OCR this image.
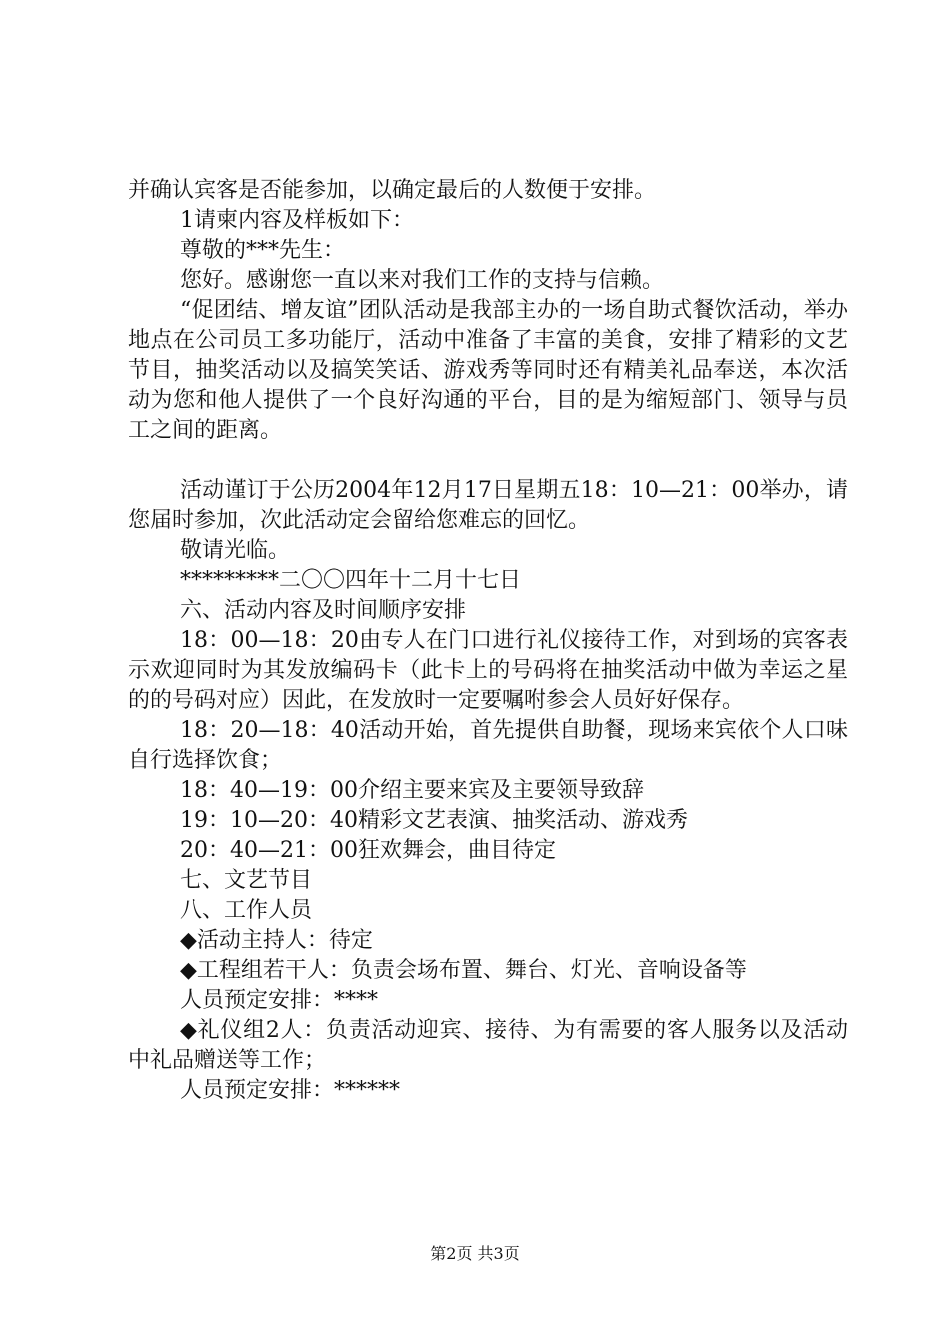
并确认宾客是否能参加，以确定最后的人数便于安排。

1请柬内容及样板如下：

尊敬的***先生：

您好。感谢您一直以来对我们工作的支持与信赖。

“促团结、增友谊”团队活动是我部主办的一场自助式餐饮活动，举办地点在公司员工多功能厅，活动中准备了丰富的美食，安排了精彩的文艺节目，抽奖活动以及搞笑笑话、游戏秀等同时还有精美礼品奉送，本次活动为您和他人提供了一个良好沟通的平台，目的是为缩短部门、领导与员工之间的距离。

活动谨订于公历2004年12月17日星期五18：10—21：00举办，请您届时参加，次此活动定会留给您难忘的回忆。

敬请光临。

*********二〇〇四年十二月十七日

六、活动内容及时间顺序安排

18：00—18：20由专人在门口进行礼仪接待工作，对到场的宾客表示欢迎同时为其发放编码卡（此卡上的号码将在抽奖活动中做为幸运之星的的号码对应）因此，在发放时一定要嘱咐参会人员好好保存。

18：20—18：40活动开始，首先提供自助餐，现场来宾依个人口味自行选择饮食；

18：40—19：00介绍主要来宾及主要领导致辞

19：10—20：40精彩文艺表演、抽奖活动、游戏秀

20：40—21：00狂欢舞会，曲目待定

七、文艺节目

八、工作人员

◆活动主持人：待定

◆工程组若干人：负责会场布置、舞台、灯光、音响设备等

人员预定安排：****

◆礼仪组2人：负责活动迎宾、接待、为有需要的客人服务以及活动中礼品赠送等工作；

人员预定安排：******

第2页 共3页
